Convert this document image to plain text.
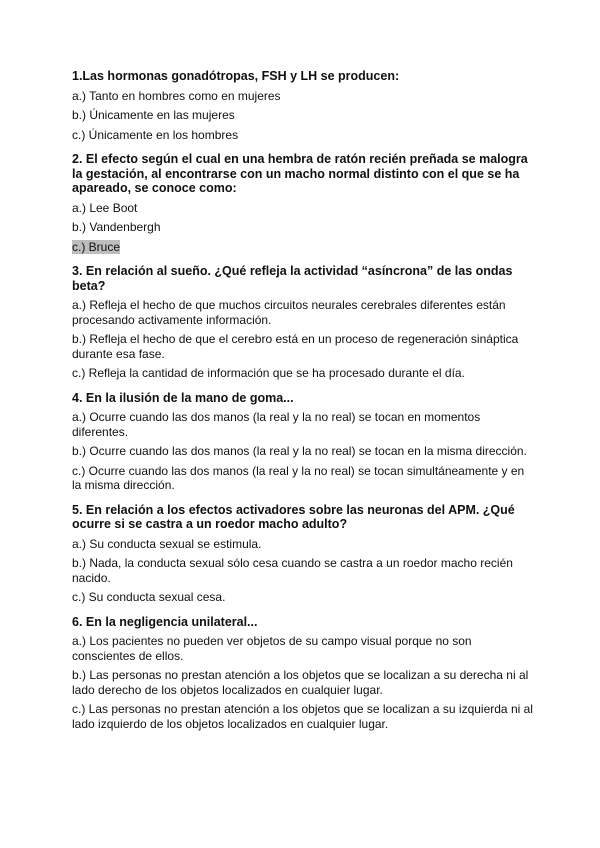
1.Las hormonas gonadótropas, FSH y LH se producen:

a.) Tanto en hombres como en mujeres

b.) Únicamente en las mujeres

c.) Únicamente en los hombres

2. El efecto según el cual en una hembra de ratón recién preñada se malogra la gestación, al encontrarse con un macho normal distinto con el que se ha apareado, se conoce como:

a.) Lee Boot

b.) Vandenbergh

c.) Bruce

3. En relación al sueño. ¿Qué refleja la actividad “asíncrona” de las ondas beta?

a.) Refleja el hecho de que muchos circuitos neurales cerebrales diferentes están procesando activamente información.

b.) Refleja el hecho de que el cerebro está en un proceso de regeneración sináptica durante esa fase.

c.) Refleja la cantidad de información que se ha procesado durante el día.

4. En la ilusión de la mano de goma...

a.) Ocurre cuando las dos manos (la real y la no real) se tocan en momentos diferentes.

b.) Ocurre cuando las dos manos (la real y la no real) se tocan en la misma dirección.

c.) Ocurre cuando las dos manos (la real y la no real) se tocan simultáneamente y en la misma dirección.

5. En relación a los efectos activadores sobre las neuronas del APM. ¿Qué ocurre si se castra a un roedor macho adulto?

a.) Su conducta sexual se estimula.

b.) Nada, la conducta sexual sólo cesa cuando se castra a un roedor macho recién nacido.

c.) Su conducta sexual cesa.

6. En la negligencia unilateral...

a.) Los pacientes no pueden ver objetos de su campo visual porque no son conscientes de ellos.

b.) Las personas no prestan atención a los objetos que se localizan a su derecha ni al lado derecho de los objetos localizados en cualquier lugar.

c.) Las personas no prestan atención a los objetos que se localizan a su izquierda ni al lado izquierdo de los objetos localizados en cualquier lugar.
